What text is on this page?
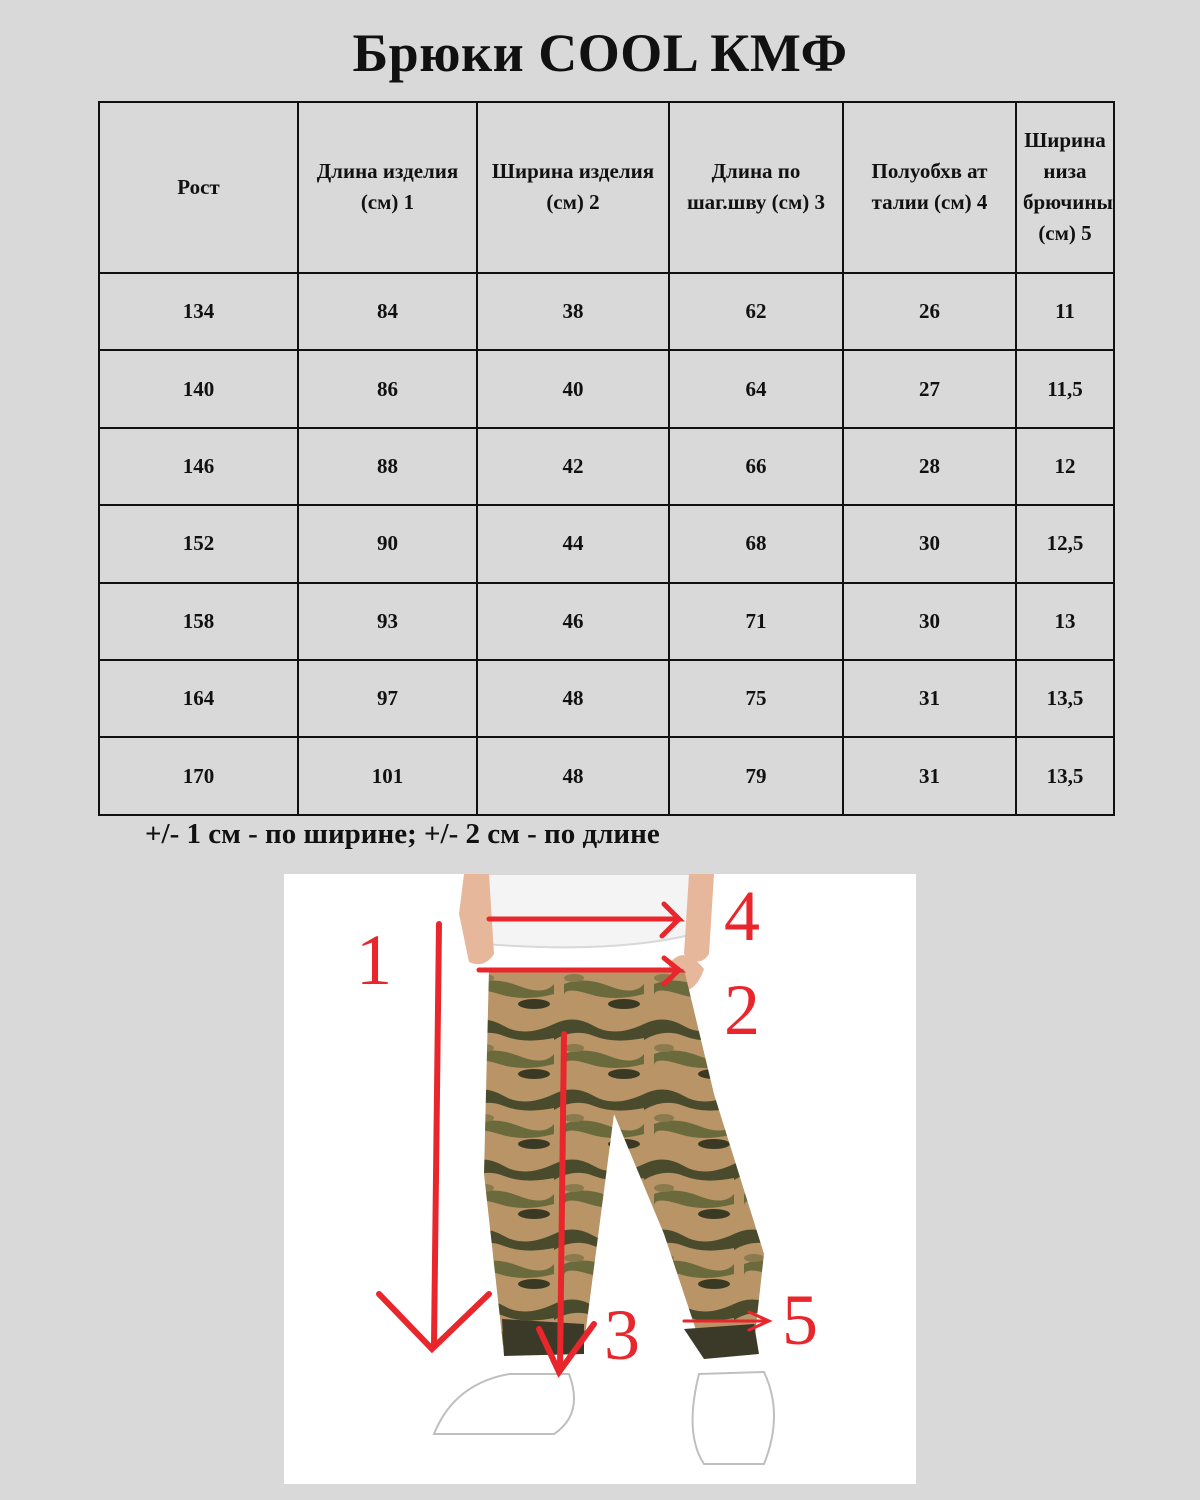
Брюки COOL КМФ
Рост	Длина изделия (см) 1	Ширина изделия (см) 2	Длина по шаг.шву (см) 3	Полуобхв ат талии (см) 4	Ширина низа брючины (см) 5
134	84	38	62	26	11
140	86	40	64	27	11,5
146	88	42	66	28	12
152	90	44	68	30	12,5
158	93	46	71	30	13
164	97	48	75	31	13,5
170	101	48	79	31	13,5
+/- 1 см - по ширине; +/- 2 см - по длине
1
2
3
4
5
